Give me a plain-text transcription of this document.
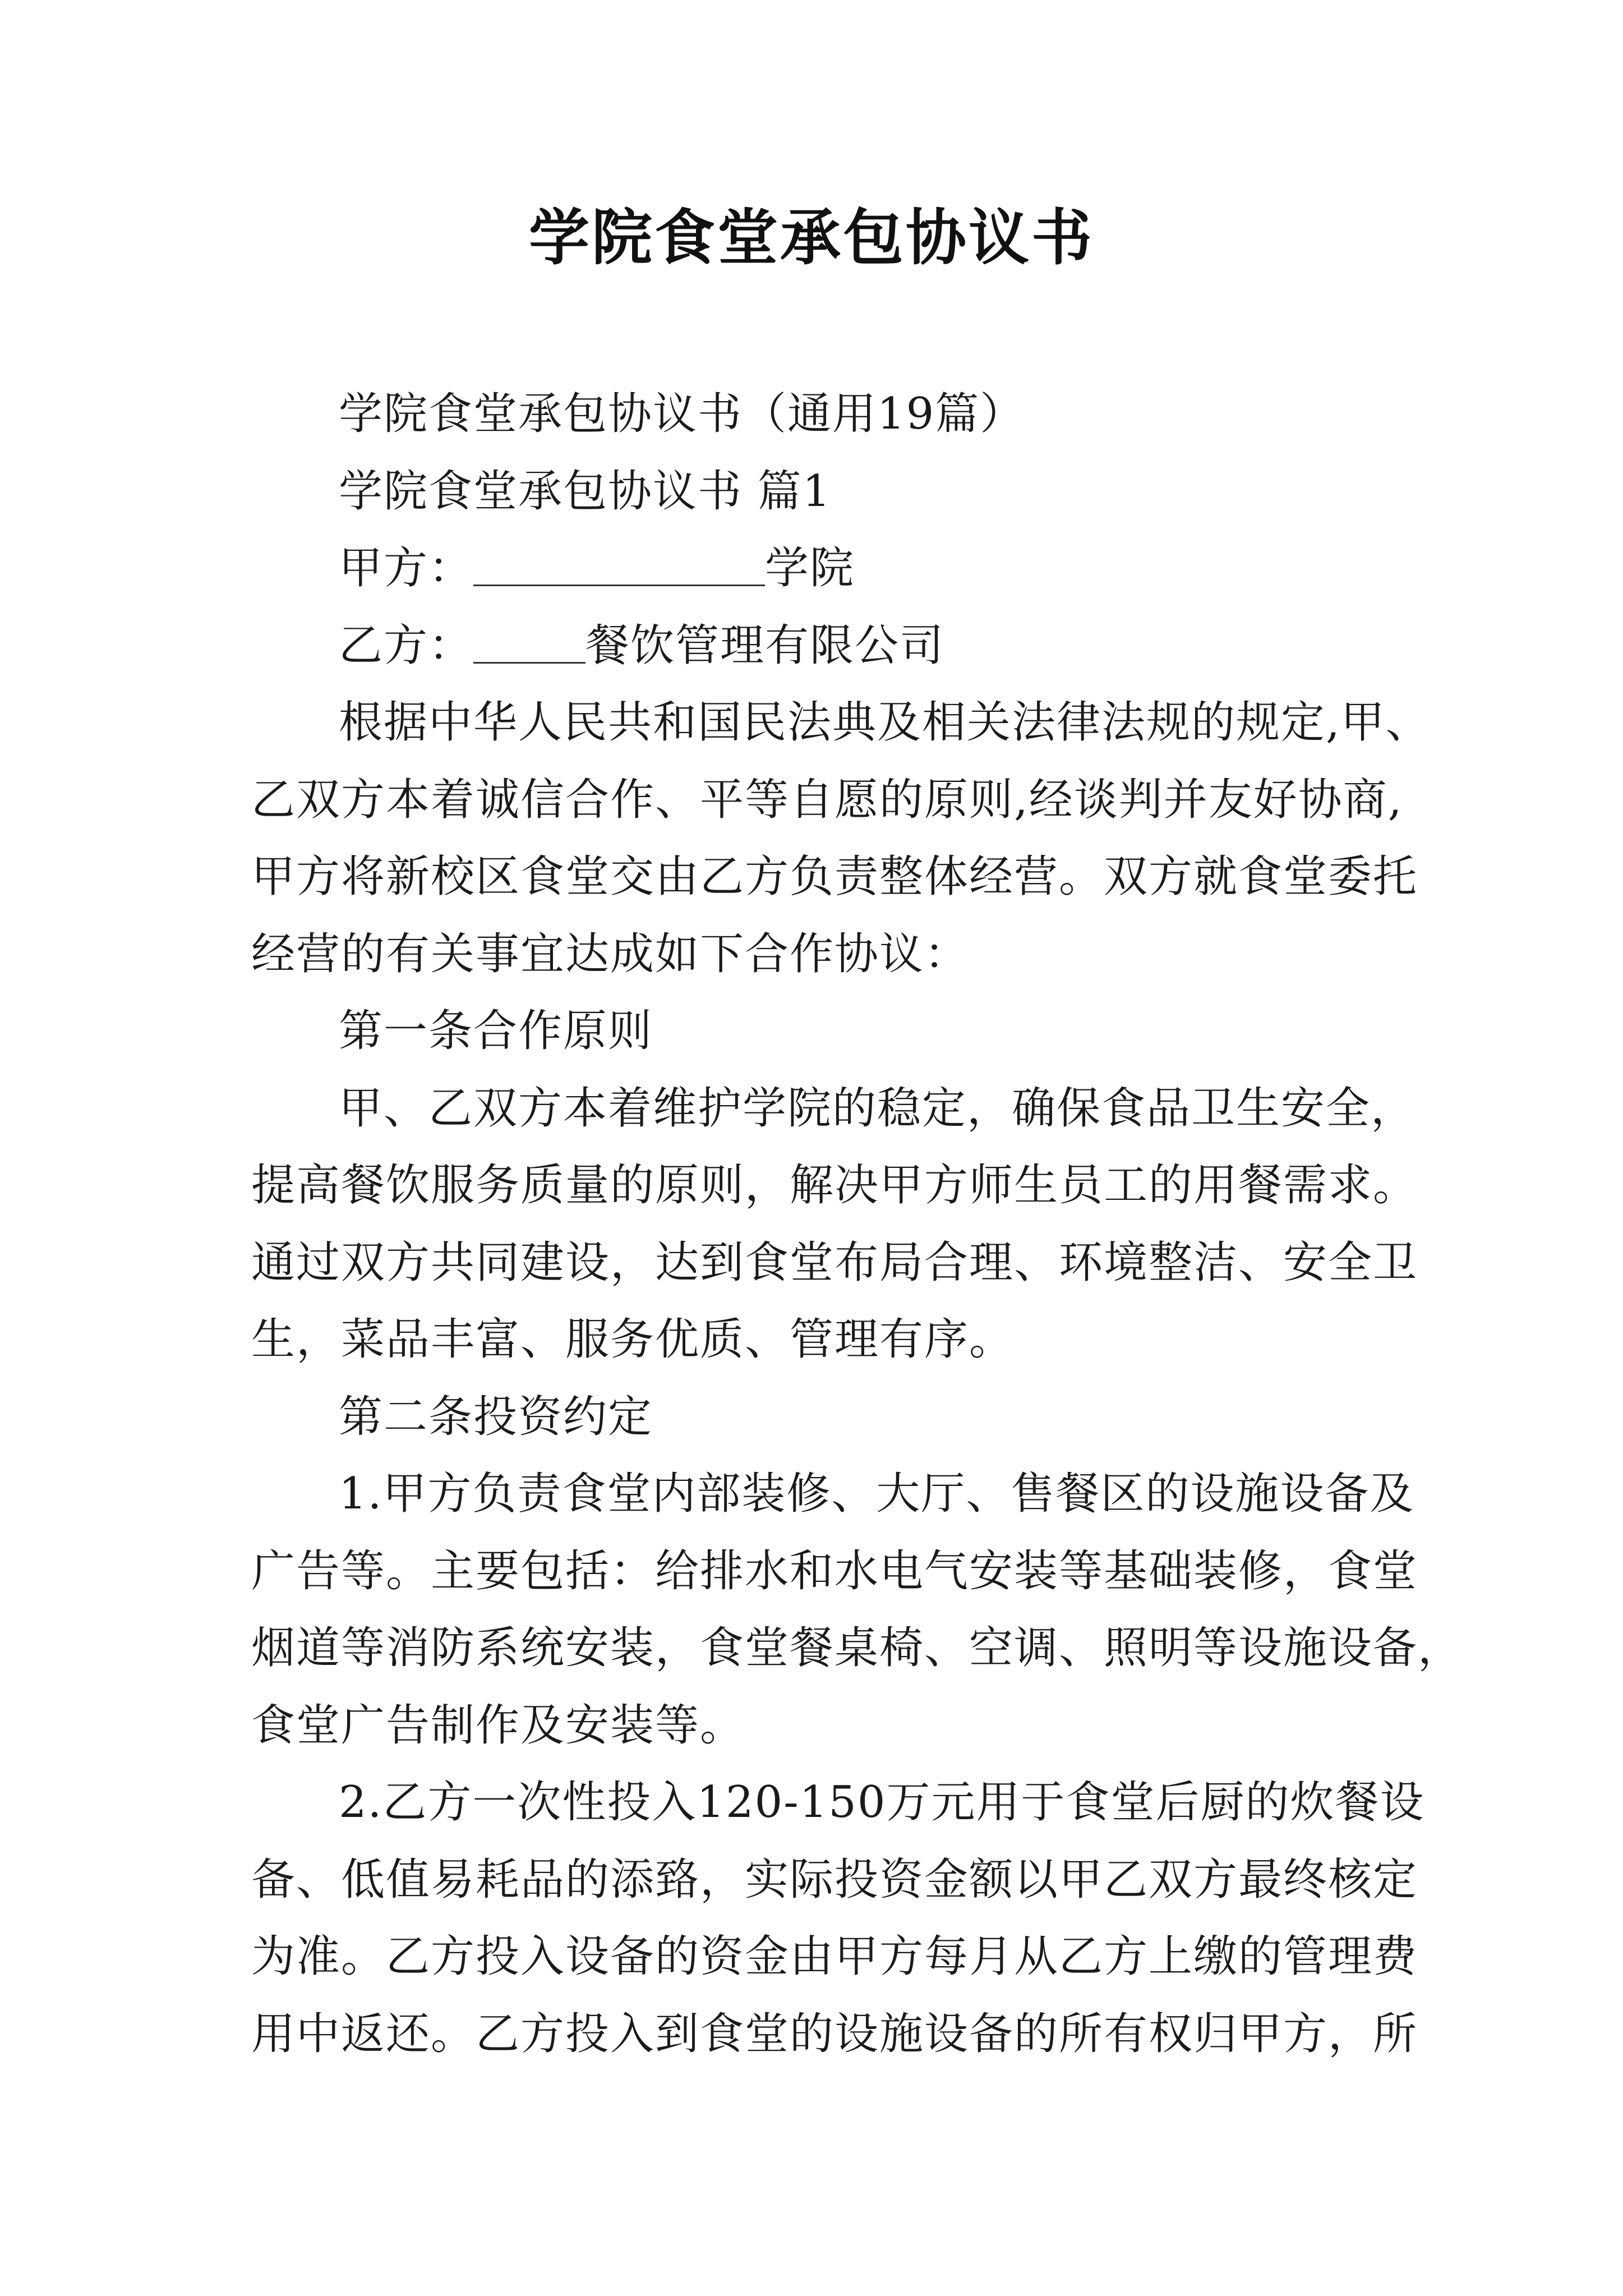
学院食堂承包协议书
学院食堂承包协议书（通用19篇）
学院食堂承包协议书 篇1
甲方：	学院
乙方：	餐饮管理有限公司
根据中华人民共和国民法典及相关法律法规的规定,甲、
乙双方本着诚信合作、平等自愿的原则,经谈判并友好协商,
甲方将新校区食堂交由乙方负责整体经营。双方就食堂委托
经营的有关事宜达成如下合作协议：
第一条合作原则
甲、乙双方本着维护学院的稳定，确保食品卫生安全，
提高餐饮服务质量的原则，解决甲方师生员工的用餐需求。
通过双方共同建设，达到食堂布局合理、环境整洁、安全卫
生，菜品丰富、服务优质、管理有序。
第二条投资约定
1.甲方负责食堂内部装修、大厅、售餐区的设施设备及
广告等。主要包括：给排水和水电气安装等基础装修，食堂
烟道等消防系统安装，食堂餐桌椅、空调、照明等设施设备，
食堂广告制作及安装等。
2.乙方一次性投入120-150万元用于食堂后厨的炊餐设
备、低值易耗品的添臵，实际投资金额以甲乙双方最终核定
为准。乙方投入设备的资金由甲方每月从乙方上缴的管理费
用中返还。乙方投入到食堂的设施设备的所有权归甲方，所
